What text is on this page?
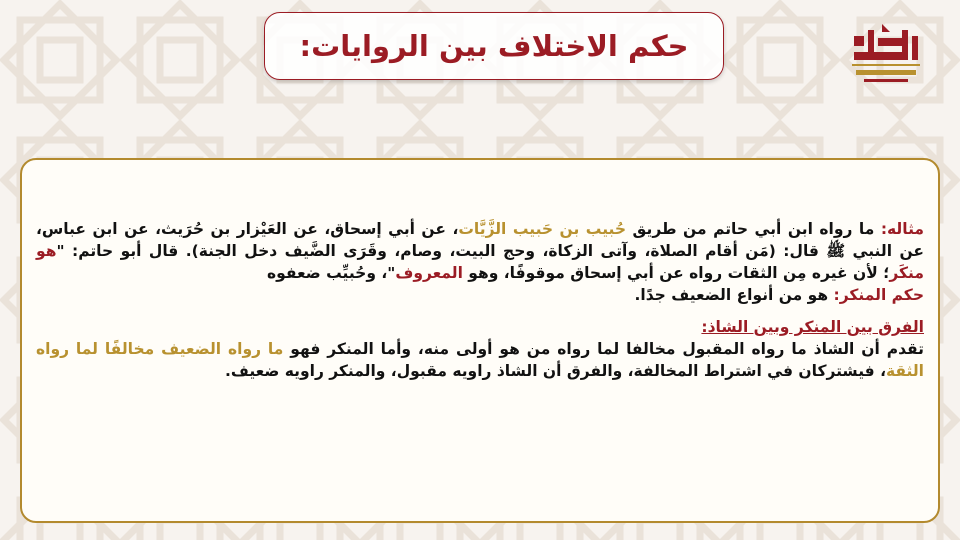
حكم الاختلاف بين الروايات:

مثاله: ما رواه ابن أبي حاتم من طريق حُبيب بن حَبيب الزَّيَّات، عن أبي إسحاق، عن العَيْزار بن حُرَيث، عن ابن عباس، عن النبي ﷺ قال: (مَن أقام الصلاة، وآتى الزكاة، وحج البيت، وصام، وقَرَى الضَّيف دخل الجنة). قال أبو حاتم: "هو منكَر؛ لأن غيره مِن الثقات رواه عن أبي إسحاق موقوفًا، وهو المعروف"، وحُبيِّب ضعفوه

حكم المنكر: هو من أنواع الضعيف جدًا.

الفرق بين المنكر وبين الشاذ:

تقدم أن الشاذ ما رواه المقبول مخالفا لما رواه من هو أولى منه، وأما المنكر فهو ما رواه الضعيف مخالفًا لما رواه الثقة، فيشتركان في اشتراط المخالفة، والفرق أن الشاذ راويه مقبول، والمنكر راويه ضعيف.
